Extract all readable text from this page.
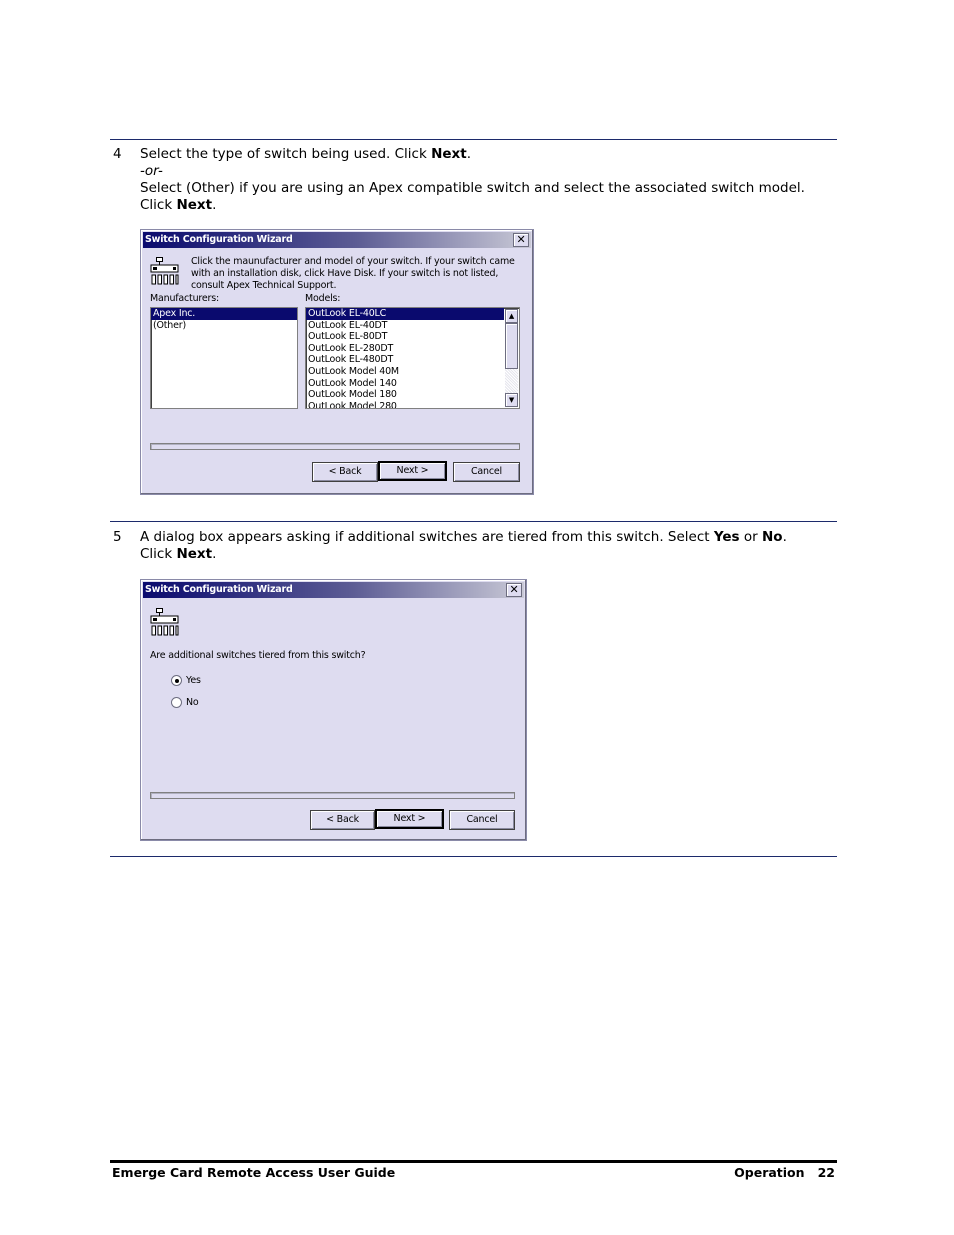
4 Select the type of switch being used. Click Next.

-or-

Select (Other) if you are using an Apex compatible switch and select the associated switch model.

Click Next.

Switch Configuration Wizard	✕
Click the maunufacturer and model of your switch. If your switch came with an installation disk, click Have Disk. If your switch is not listed, consult Apex Technical Support.
Manufacturers:	Models:
Apex Inc.
(Other)
OutLook EL-40LC
OutLook EL-40DT
OutLook EL-80DT
OutLook EL-280DT
OutLook EL-480DT
OutLook Model 40M
OutLook Model 140
OutLook Model 180
OutLook Model 280
▲
▼
< Back	Next >	Cancel
5 A dialog box appears asking if additional switches are tiered from this switch. Select Yes or No.

Click Next.

Switch Configuration Wizard	✕
Are additional switches tiered from this switch?
Yes
No
< Back	Next >	Cancel
Emerge Card Remote Access User Guide	Operation   22
